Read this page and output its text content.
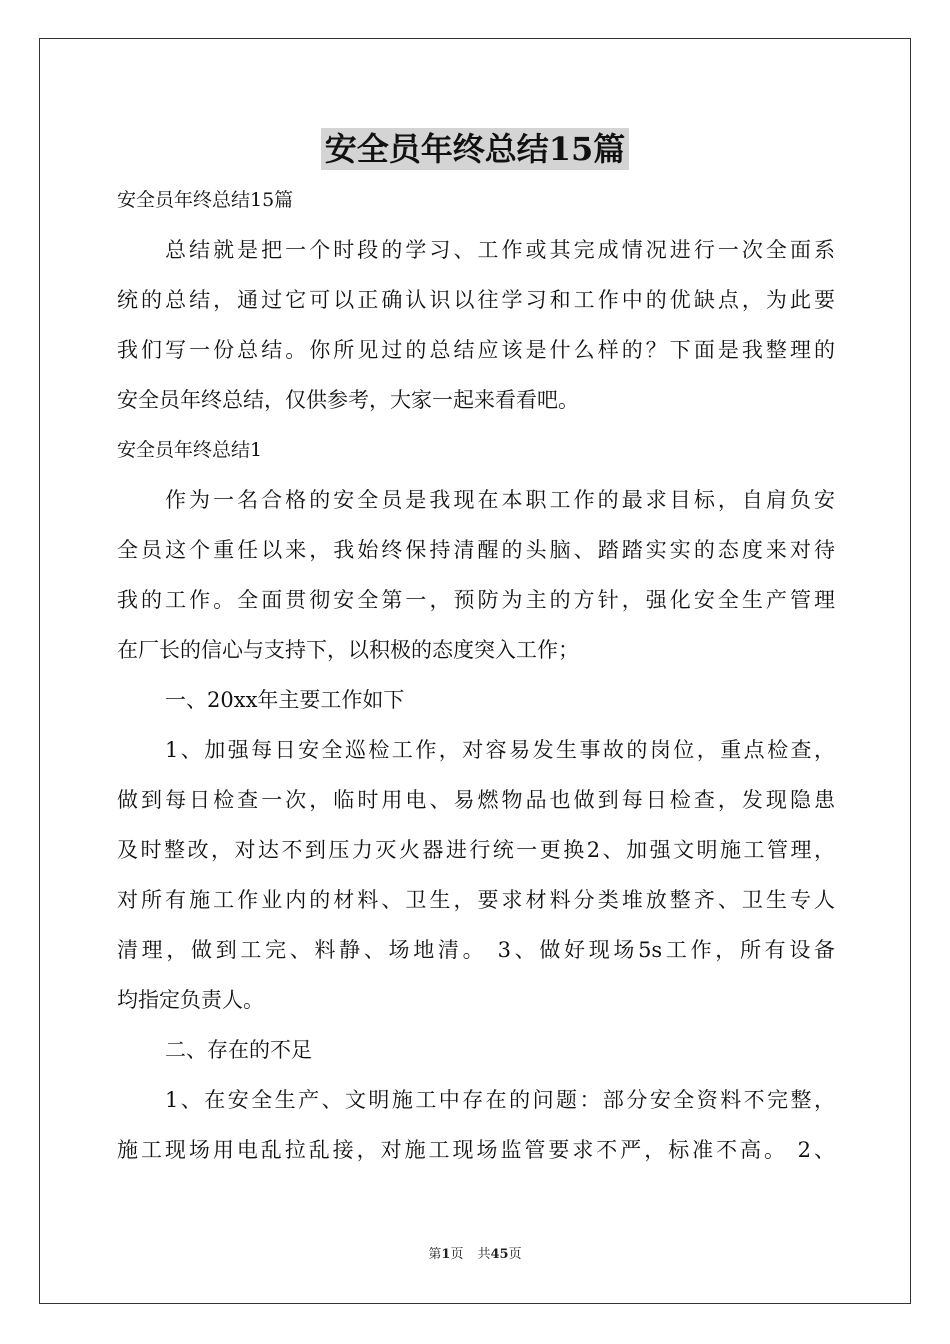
安全员年终总结15篇
安全员年终总结15篇
总结就是把一个时段的学习、工作或其完成情况进行一次全面系
统的总结，通过它可以正确认识以往学习和工作中的优缺点，为此要
我们写一份总结。你所见过的总结应该是什么样的？下面是我整理的
安全员年终总结，仅供参考，大家一起来看看吧。
安全员年终总结1
作为一名合格的安全员是我现在本职工作的最求目标，自肩负安
全员这个重任以来，我始终保持清醒的头脑、踏踏实实的态度来对待
我的工作。全面贯彻安全第一，预防为主的方针，强化安全生产管理
在厂长的信心与支持下，以积极的态度突入工作；
一、20xx年主要工作如下
1、加强每日安全巡检工作，对容易发生事故的岗位，重点检查，
做到每日检查一次，临时用电、易燃物品也做到每日检查，发现隐患
及时整改，对达不到压力灭火器进行统一更换2、加强文明施工管理，
对所有施工作业内的材料、卫生，要求材料分类堆放整齐、卫生专人
清理，做到工完、料静、场地清。 3、做好现场5s工作，所有设备
均指定负责人。
二、存在的不足
1、在安全生产、文明施工中存在的问题：部分安全资料不完整，
施工现场用电乱拉乱接，对施工现场监管要求不严，标准不高。 2、
第1页 共45页
